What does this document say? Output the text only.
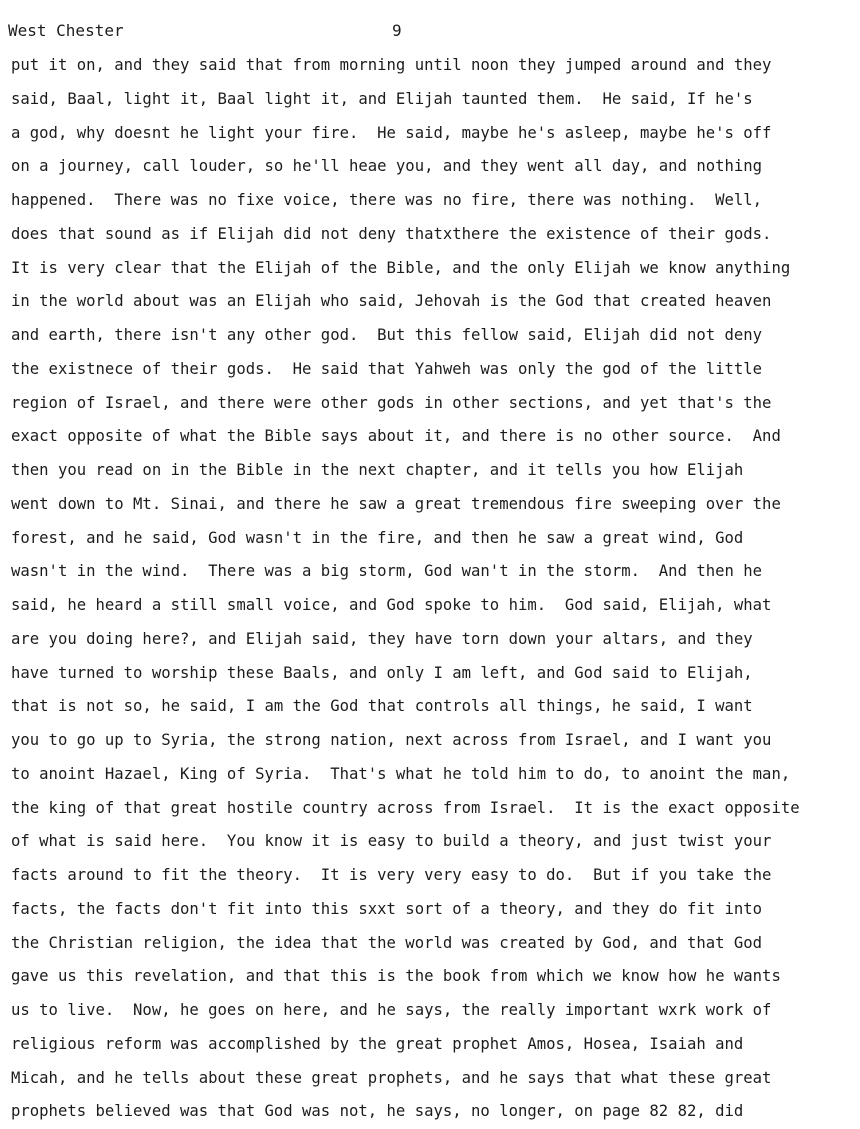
West Chester	9
put it on, and they said that from morning until noon they jumped around and they
said, Baal, light it, Baal light it, and Elijah taunted them.  He said, If he's
a god, why doesnt he light your fire.  He said, maybe he's asleep, maybe he's off
on a journey, call louder, so he'll heae you, and they went all day, and nothing
happened.  There was no fixe voice, there was no fire, there was nothing.  Well,
does that sound as if Elijah did not deny thatxthere the existence of their gods.
It is very clear that the Elijah of the Bible, and the only Elijah we know anything
in the world about was an Elijah who said, Jehovah is the God that created heaven
and earth, there isn't any other god.  But this fellow said, Elijah did not deny
the existnece of their gods.  He said that Yahweh was only the god of the little
region of Israel, and there were other gods in other sections, and yet that's the
exact opposite of what the Bible says about it, and there is no other source.  And
then you read on in the Bible in the next chapter, and it tells you how Elijah
went down to Mt. Sinai, and there he saw a great tremendous fire sweeping over the
forest, and he said, God wasn't in the fire, and then he saw a great wind, God
wasn't in the wind.  There was a big storm, God wan't in the storm.  And then he
said, he heard a still small voice, and God spoke to him.  God said, Elijah, what
are you doing here?, and Elijah said, they have torn down your altars, and they
have turned to worship these Baals, and only I am left, and God said to Elijah,
that is not so, he said, I am the God that controls all things, he said, I want
you to go up to Syria, the strong nation, next across from Israel, and I want you
to anoint Hazael, King of Syria.  That's what he told him to do, to anoint the man,
the king of that great hostile country across from Israel.  It is the exact opposite
of what is said here.  You know it is easy to build a theory, and just twist your
facts around to fit the theory.  It is very very easy to do.  But if you take the
facts, the facts don't fit into this sxxt sort of a theory, and they do fit into
the Christian religion, the idea that the world was created by God, and that God
gave us this revelation, and that this is the book from which we know how he wants
us to live.  Now, he goes on here, and he says, the really important wxrk work of
religious reform was accomplished by the great prophet Amos, Hosea, Isaiah and
Micah, and he tells about these great prophets, and he says that what these great
prophets believed was that God was not, he says, no longer, on page 82 82, did
